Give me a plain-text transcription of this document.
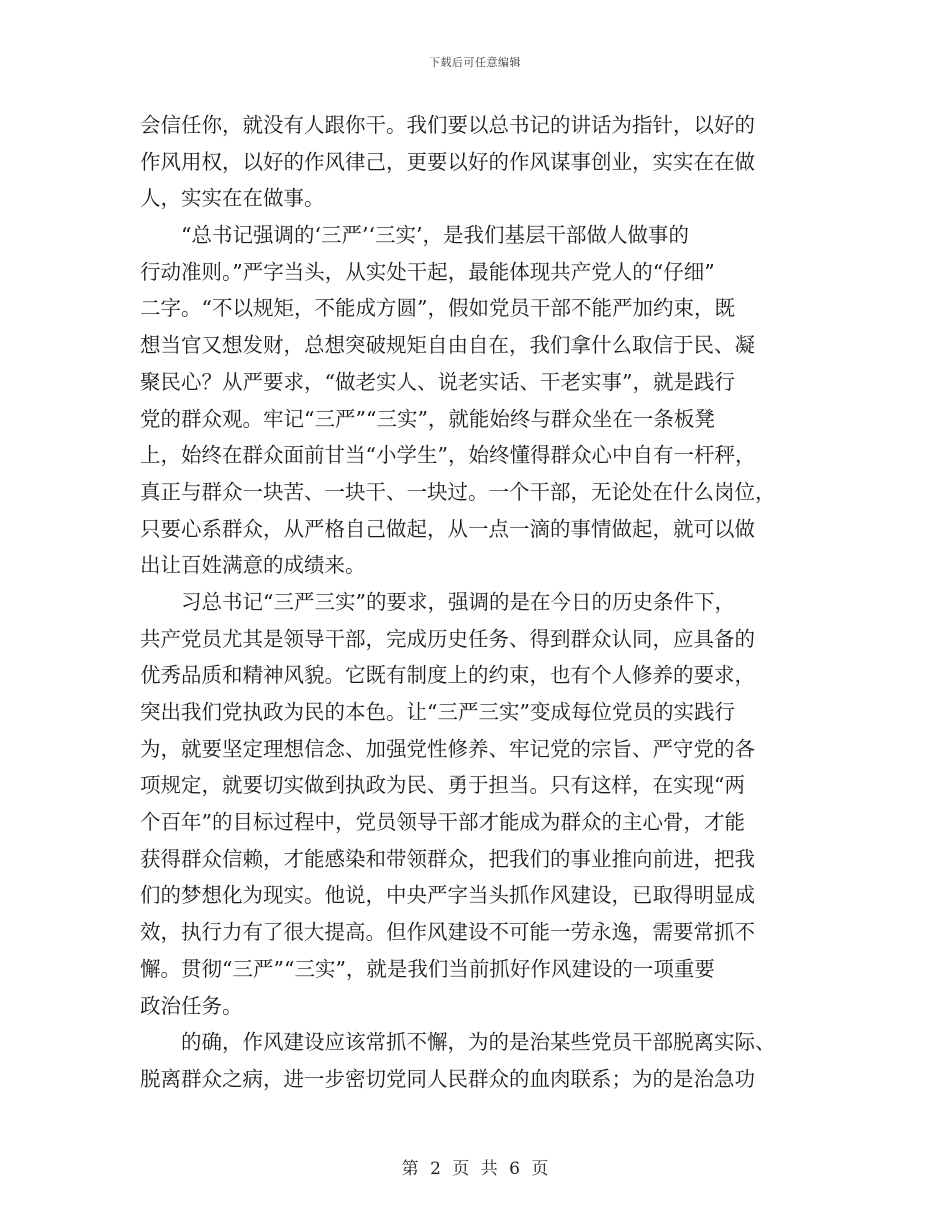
下载后可任意编辑
会信任你，就没有人跟你干。我们要以总书记的讲话为指针，以好的
作风用权，以好的作风律己，更要以好的作风谋事创业，实实在在做
人，实实在在做事。
　　“总书记强调的‘三严’‘三实’，是我们基层干部做人做事的
行动准则。”严字当头，从实处干起，最能体现共产党人的“仔细”
二字。“不以规矩，不能成方圆”，假如党员干部不能严加约束，既
想当官又想发财，总想突破规矩自由自在，我们拿什么取信于民、凝
聚民心？从严要求，“做老实人、说老实话、干老实事”，就是践行
党的群众观。牢记“三严”“三实”，就能始终与群众坐在一条板凳
上，始终在群众面前甘当“小学生”，始终懂得群众心中自有一杆秤，
真正与群众一块苦、一块干、一块过。一个干部，无论处在什么岗位，
只要心系群众，从严格自己做起，从一点一滴的事情做起，就可以做
出让百姓满意的成绩来。
　　习总书记“三严三实”的要求，强调的是在今日的历史条件下，
共产党员尤其是领导干部，完成历史任务、得到群众认同，应具备的
优秀品质和精神风貌。它既有制度上的约束，也有个人修养的要求，
突出我们党执政为民的本色。让“三严三实”变成每位党员的实践行
为，就要坚定理想信念、加强党性修养、牢记党的宗旨、严守党的各
项规定，就要切实做到执政为民、勇于担当。只有这样，在实现“两
个百年”的目标过程中，党员领导干部才能成为群众的主心骨，才能
获得群众信赖，才能感染和带领群众，把我们的事业推向前进，把我
们的梦想化为现实。他说，中央严字当头抓作风建设，已取得明显成
效，执行力有了很大提高。但作风建设不可能一劳永逸，需要常抓不
懈。贯彻“三严”“三实”，就是我们当前抓好作风建设的一项重要
政治任务。
　　的确，作风建设应该常抓不懈，为的是治某些党员干部脱离实际、
脱离群众之病，进一步密切党同人民群众的血肉联系；为的是治急功
第 2 页 共 6 页
